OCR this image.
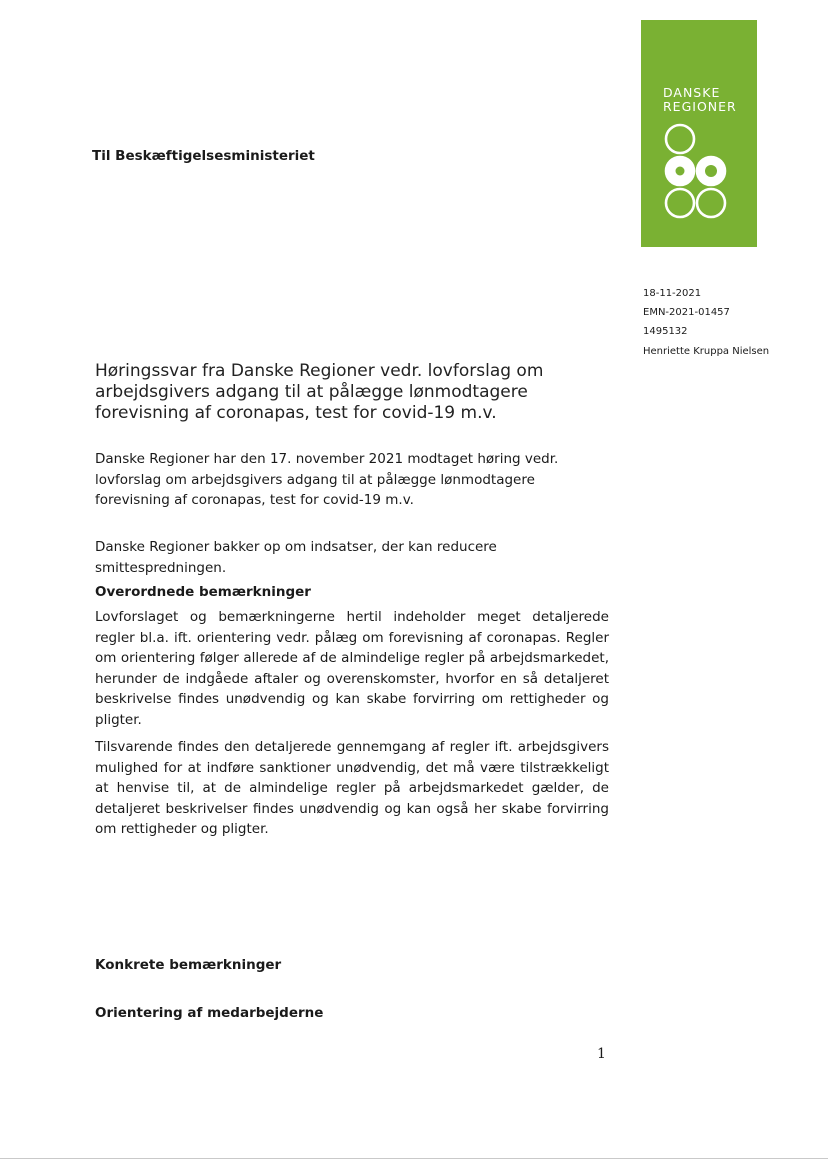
Til Beskæftigelsesministeriet
DANSKE
REGIONER
18-11-2021
EMN-2021-01457
1495132
Henriette Kruppa Nielsen
Høringssvar fra Danske Regioner vedr. lovforslag om arbejdsgivers adgang til at pålægge lønmodtagere forevisning af coronapas, test for covid-19 m.v.
Danske Regioner har den 17. november 2021 modtaget høring vedr. lovforslag om arbejdsgivers adgang til at pålægge lønmodtagere forevisning af coronapas, test for covid-19 m.v.
Danske Regioner bakker op om indsatser, der kan reducere smittespredningen.
Overordnede bemærkninger
Lovforslaget og bemærkningerne hertil indeholder meget detaljerede regler bl.a. ift. orientering vedr. pålæg om forevisning af coronapas. Regler om orientering følger allerede af de almindelige regler på arbejdsmarkedet, herunder de indgåede aftaler og overenskomster, hvorfor en så detaljeret beskrivelse findes unødvendig og kan skabe forvirring om rettigheder og pligter.
Tilsvarende findes den detaljerede gennemgang af regler ift. arbejdsgivers mulighed for at indføre sanktioner unødvendig, det må være tilstrækkeligt at henvise til, at de almindelige regler på arbejdsmarkedet gælder, de detaljeret beskrivelser findes unødvendig og kan også her skabe forvirring om rettigheder og pligter.
Konkrete bemærkninger
Orientering af medarbejderne
1
